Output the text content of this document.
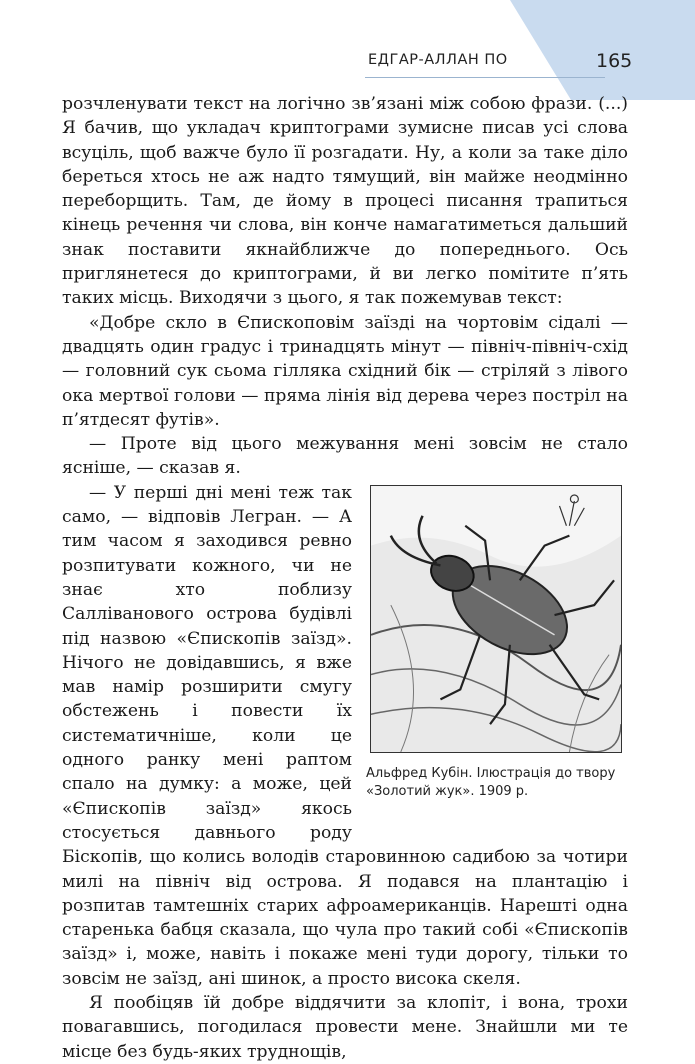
ЕДГАР-АЛЛАН ПО	165

розчленувати текст на логічно зв’язані між собою фрази. (...) Я бачив, що укладач криптограми зумисне писав усі слова всуціль, щоб важче було її розгадати. Ну, а коли за таке діло береться хтось не аж надто тямущий, він майже неодмінно переборщить. Там, де йому в процесі писання трапиться кінець речення чи слова, він конче намагатиметься дальший знак поставити якнайближче до попереднього. Ось приглянетеся до криптограми, й ви легко помітите п’ять таких місць. Виходячи з цього, я так пожемував текст:

«Добре скло в Єпископовім заїзді на чортовім сідалі — двадцять один градус і тринадцять мінут — північ-північ-схід — головний сук сьома гілляка східний бік — стріляй з лівого ока мертвої голови — пряма лінія від дерева через постріл на п’ятдесят футів».

— Проте від цього межування мені зовсім не стало ясніше, — сказав я.

Альфред Кубін. Ілюстрація до твору «Золотий жук». 1909 р.

— У перші дні мені теж так само, — відповів Легран. — А тим часом я заходився ревно розпитувати кожного, чи не знає хто поблизу Салліванового острова будівлі під назвою «Єпископів заїзд». Нічого не довідавшись, я вже мав намір розширити смугу обстежень і повести їх систематичніше, коли це одного ранку мені раптом спало на думку: а може, цей «Єпископів заїзд» якось стосується давнього роду Біскопів, що колись володів старовинною садибою за чотири милі на північ від острова. Я подався на плантацію і розпитав тамтешніх старих афроамериканців. Нарешті одна старенька бабця сказала, що чула про такий собі «Єпископів заїзд» і, може, навіть і покаже мені туди дорогу, тільки то зовсім не заїзд, ані шинок, а просто висока скеля.

Я пообіцяв їй добре віддячити за клопіт, і вона, трохи повагавшись, погодилася провести мене. Знайшли ми те місце без будь-яких труднощів,
